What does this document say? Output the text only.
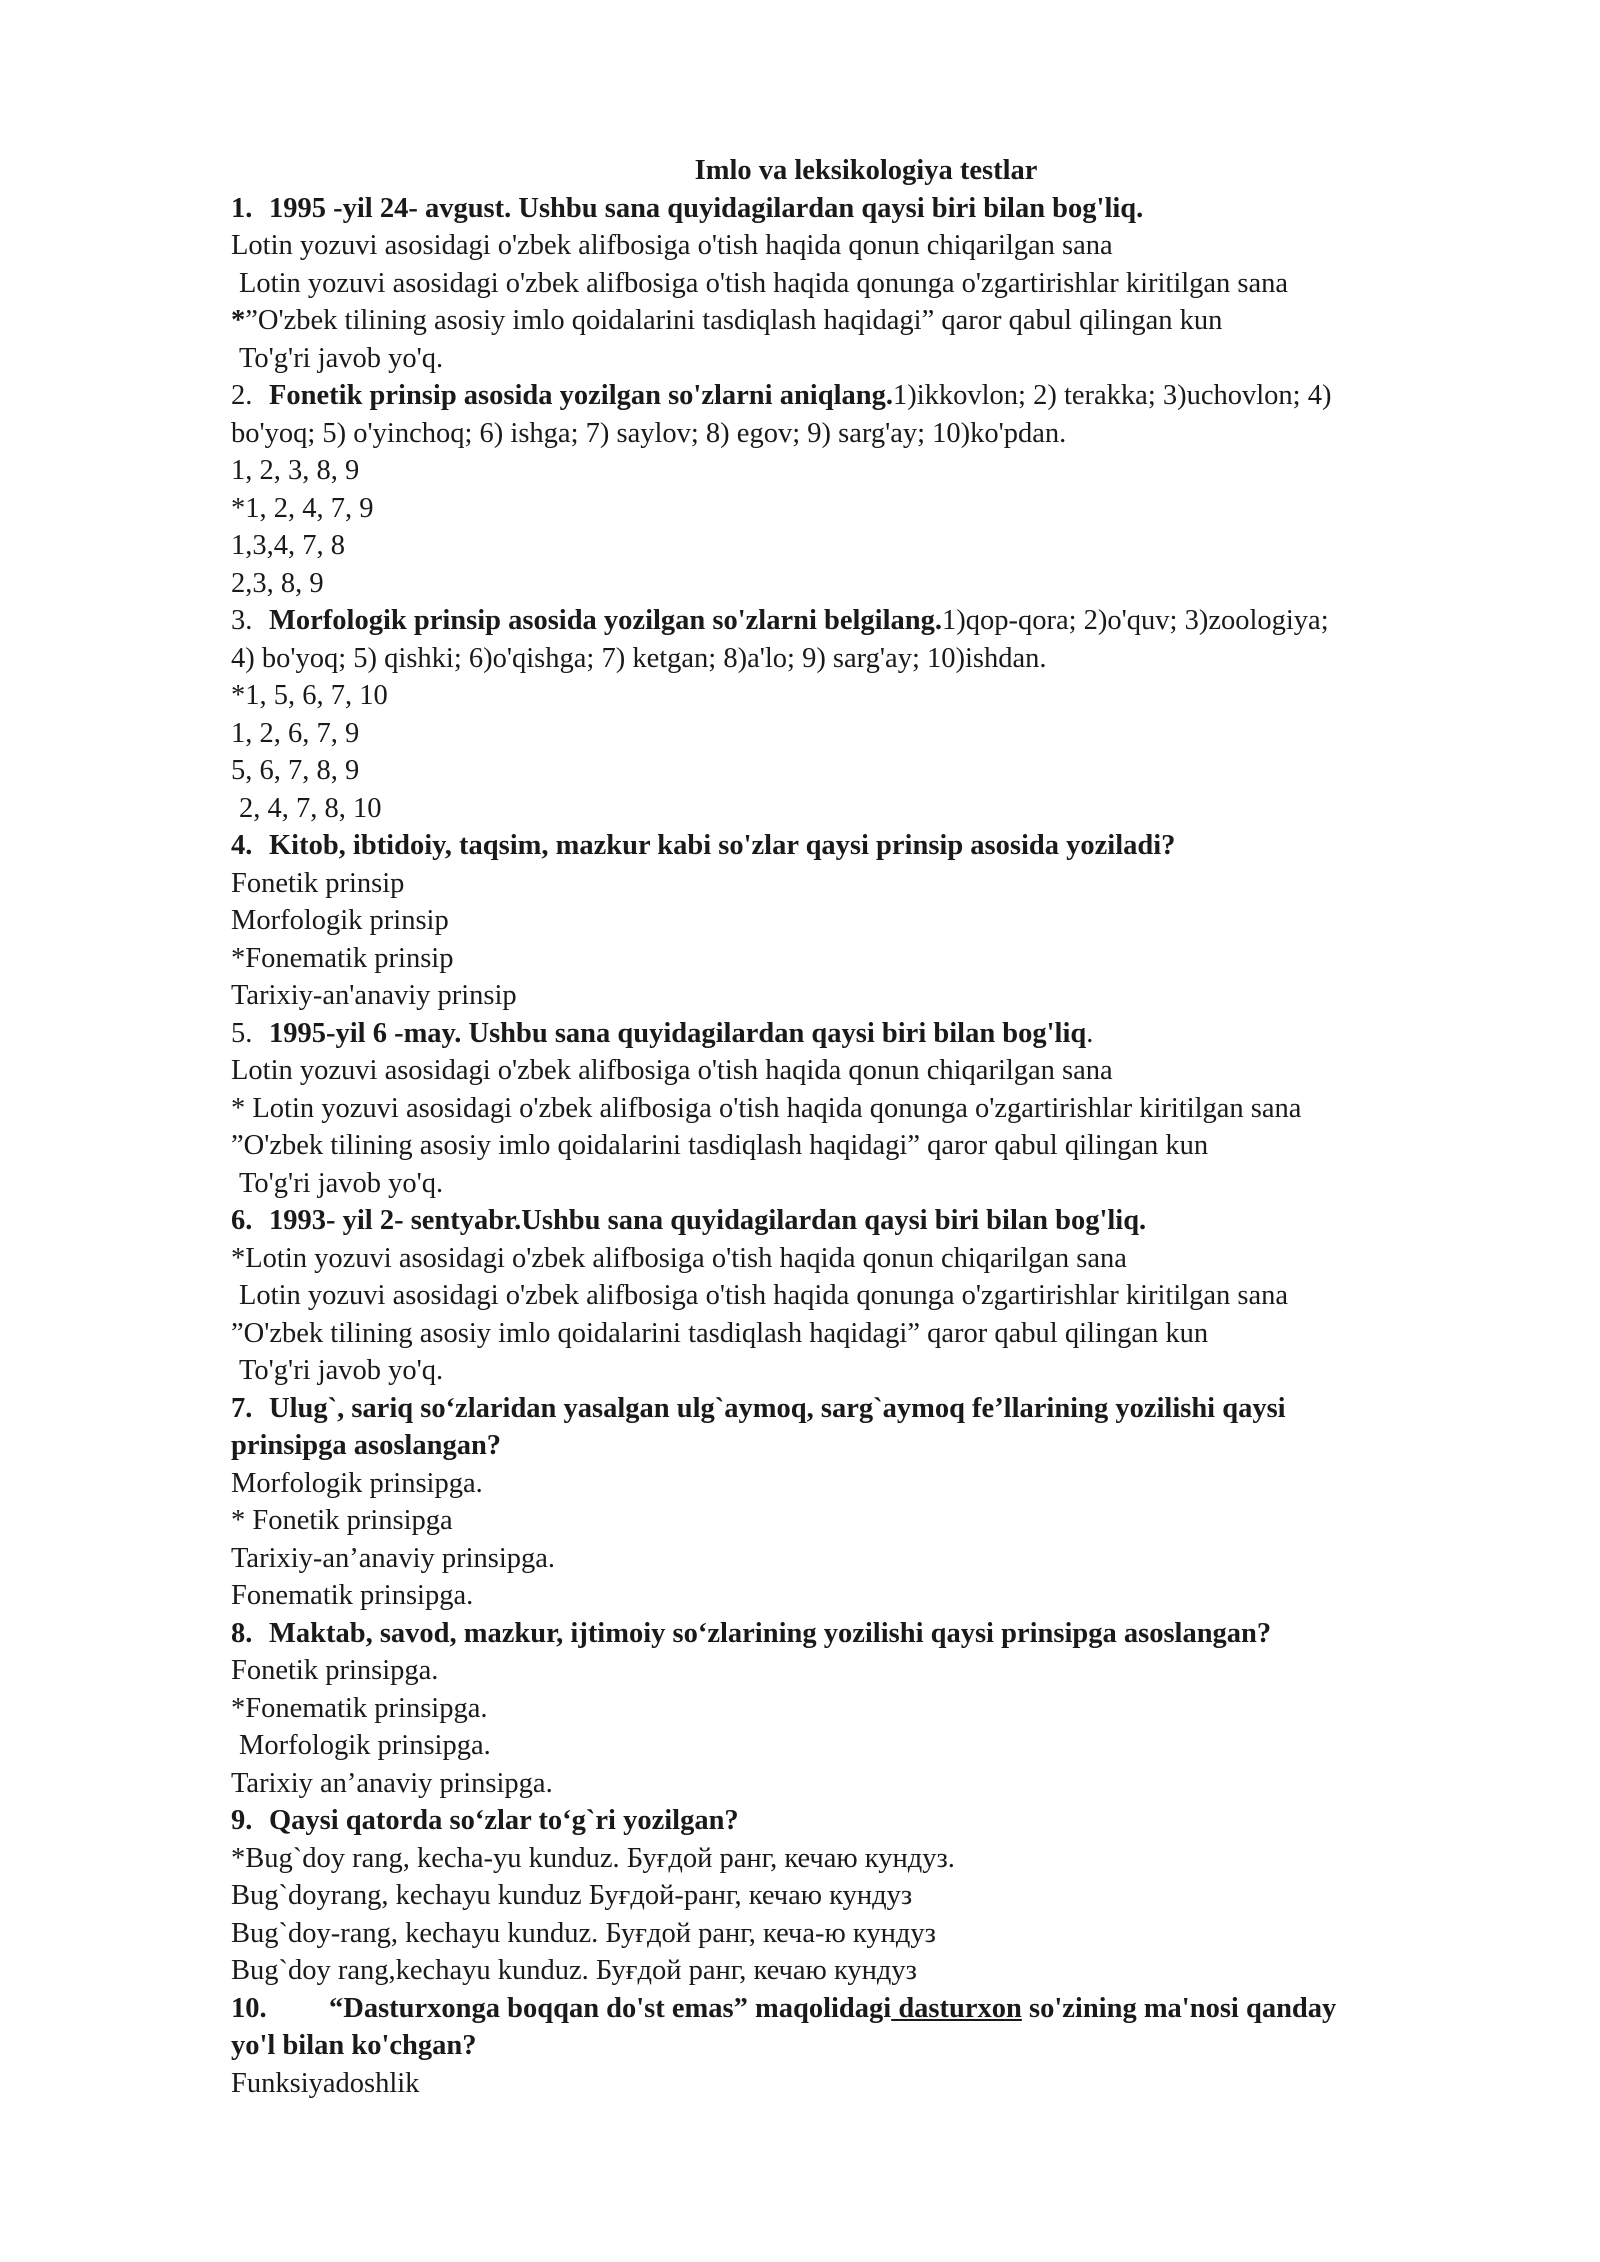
Imlo va leksikologiya testlar
1. 1995 -yil 24- avgust. Ushbu sana quyidagilardan qaysi biri bilan bog'liq.
Lotin yozuvi asosidagi o'zbek alifbosiga o'tish haqida qonun chiqarilgan sana
Lotin yozuvi asosidagi o'zbek alifbosiga o'tish haqida qonunga o'zgartirishlar kiritilgan sana
*”O'zbek tilining asosiy imlo qoidalarini tasdiqlash haqidagi” qaror qabul qilingan kun
To'g'ri javob yo'q.
2. Fonetik prinsip asosida yozilgan so'zlarni aniqlang.1)ikkovlon; 2) terakka; 3)uchovlon; 4)
bo'yoq; 5) o'yinchoq; 6) ishga; 7) saylov; 8) egov; 9) sarg'ay; 10)ko'pdan.
1, 2, 3, 8, 9
*1, 2, 4, 7, 9
1,3,4, 7, 8
2,3, 8, 9
3. Morfologik prinsip asosida yozilgan so'zlarni belgilang.1)qop-qora; 2)o'quv; 3)zoologiya;
4) bo'yoq; 5) qishki; 6)o'qishga; 7) ketgan; 8)a'lo; 9) sarg'ay; 10)ishdan.
*1, 5, 6, 7, 10
1, 2, 6, 7, 9
5, 6, 7, 8, 9
2, 4, 7, 8, 10
4. Kitob, ibtidoiy, taqsim, mazkur kabi so'zlar qaysi prinsip asosida yoziladi?
Fonetik prinsip
Morfologik prinsip
*Fonematik prinsip
Tarixiy-an'anaviy prinsip
5. 1995-yil 6 -may. Ushbu sana quyidagilardan qaysi biri bilan bog'liq.
Lotin yozuvi asosidagi o'zbek alifbosiga o'tish haqida qonun chiqarilgan sana
* Lotin yozuvi asosidagi o'zbek alifbosiga o'tish haqida qonunga o'zgartirishlar kiritilgan sana
”O'zbek tilining asosiy imlo qoidalarini tasdiqlash haqidagi” qaror qabul qilingan kun
To'g'ri javob yo'q.
6. 1993- yil 2- sentyabr.Ushbu sana quyidagilardan qaysi biri bilan bog'liq.
*Lotin yozuvi asosidagi o'zbek alifbosiga o'tish haqida qonun chiqarilgan sana
Lotin yozuvi asosidagi o'zbek alifbosiga o'tish haqida qonunga o'zgartirishlar kiritilgan sana
”O'zbek tilining asosiy imlo qoidalarini tasdiqlash haqidagi” qaror qabul qilingan kun
To'g'ri javob yo'q.
7. Ulug`, sariq so‘zlaridan yasalgan ulg`aymoq, sarg`aymoq fe’llarining yozilishi qaysi
prinsipga asoslangan?
Morfologik prinsipga.
* Fonetik prinsipga
Tarixiy-an’anaviy prinsipga.
Fonematik prinsipga.
8. Maktab, savod, mazkur, ijtimoiy so‘zlarining yozilishi qaysi prinsipga asoslangan?
Fonetik prinsipga.
*Fonematik prinsipga.
Morfologik prinsipga.
Tarixiy an’anaviy prinsipga.
9. Qaysi qatorda so‘zlar to‘g`ri yozilgan?
*Bug`doy rang, kecha-yu kunduz. Буғдой ранг, кечаю кундуз.
Bug`doyrang, kechayu kunduz Буғдой-ранг, кечаю кундуз
Bug`doy-rang, kechayu kunduz. Буғдой ранг, кеча-ю кундуз
Bug`doy rang,kechayu kunduz. Буғдой ранг, кечаю кундуз
10. “Dasturxonga boqqan do'st emas” maqolidagi dasturxon so'zining ma'nosi qanday
yo'l bilan ko'chgan?
Funksiyadoshlik
